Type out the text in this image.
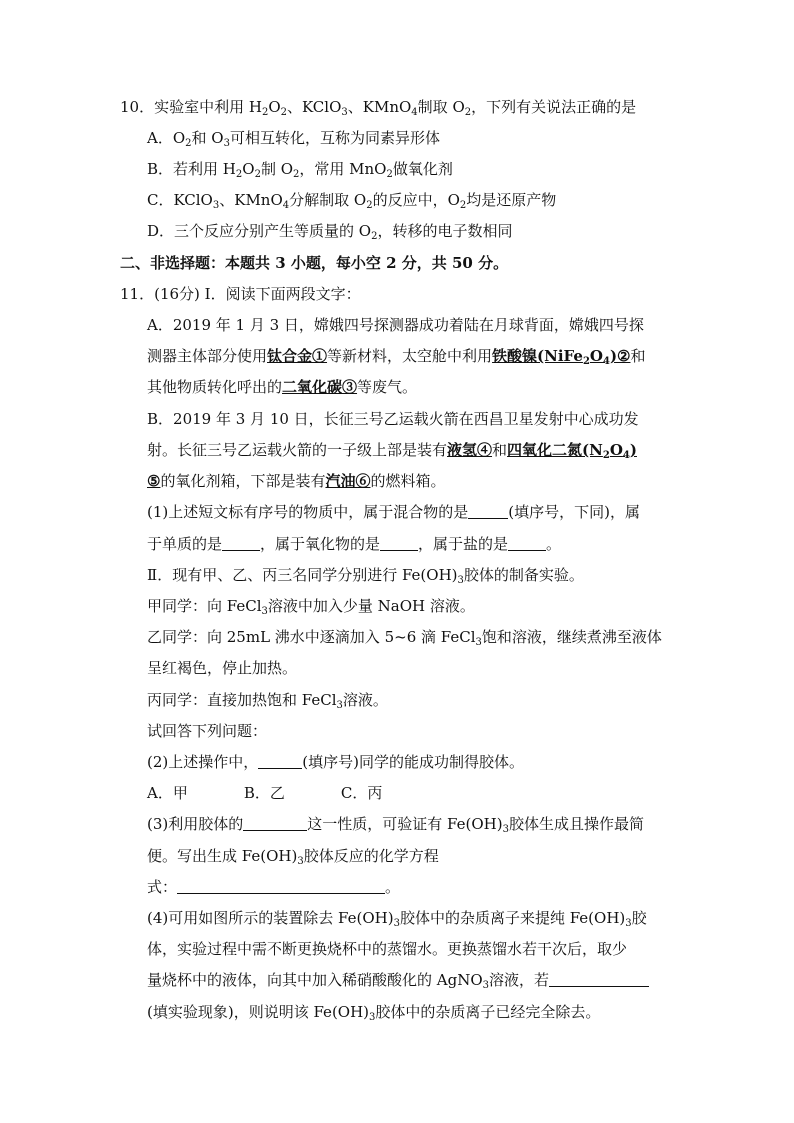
10．实验室中利用 $H_2O_2$、KClO$_3$、KMnO$_4$制取 $O_2$，下列有关说法正确的是
A．$O_2$和 $O_3$可相互转化，互称为同素异形体
B．若利用 $H_2O_2$制 $O_2$，常用 MnO$_2$做氧化剂
C．KClO$_3$、KMnO$_4$分解制取 $O_2$的反应中，$O_2$均是还原产物
D．三个反应分别产生等质量的 $O_2$，转移的电子数相同
二、非选择题：本题共 3 小题，每小空 2 分，共 50 分。
11．(16分) Ⅰ．阅读下面两段文字：
A．2019 年 1 月 3 日，嫦娥四号探测器成功着陆在月球背面，嫦娥四号探
测器主体部分使用钛合金①等新材料，太空舱中利用铁酸镍$(NiFe_2O_4)②$和
其他物质转化呼出的二氧化碳③等废气。
B．2019 年 3 月 10 日，长征三号乙运载火箭在西昌卫星发射中心成功发
射。长征三号乙运载火箭的一子级上部是装有液氢④和四氧化二氮$(N_2O_4)$
⑤的氧化剂箱，下部是装有汽油⑥的燃料箱。
(1)上述短文标有序号的物质中，属于混合物的是	(填序号，下同)，属
于单质的是	，属于氧化物的是	，属于盐的是	。
Ⅱ．现有甲、乙、丙三名同学分别进行 $Fe(OH)_3$胶体的制备实验。
甲同学：向 FeCl$_3$溶液中加入少量 NaOH 溶液。
乙同学：向 25mL 沸水中逐滴加入 5~6 滴 FeCl$_3$饱和溶液，继续煮沸至液体
呈红褐色，停止加热。
丙同学：直接加热饱和 FeCl$_3$溶液。
试回答下列问题：
(2)上述操作中，	(填序号)同学的能成功制得胶体。
A．甲	B．乙	C．丙
(3)利用胶体的	这一性质，可验证有 $Fe(OH)_3$胶体生成且操作最简
便。写出生成 $Fe(OH)_3$胶体反应的化学方程
式：	。
(4)可用如图所示的装置除去 $Fe(OH)_3$胶体中的杂质离子来提纯 $Fe(OH)_3$胶
体，实验过程中需不断更换烧杯中的蒸馏水。更换蒸馏水若干次后，取少
量烧杯中的液体，向其中加入稀硝酸酸化的 AgNO$_3$溶液，若
(填实验现象)，则说明该 $Fe(OH)_3$胶体中的杂质离子已经完全除去。
